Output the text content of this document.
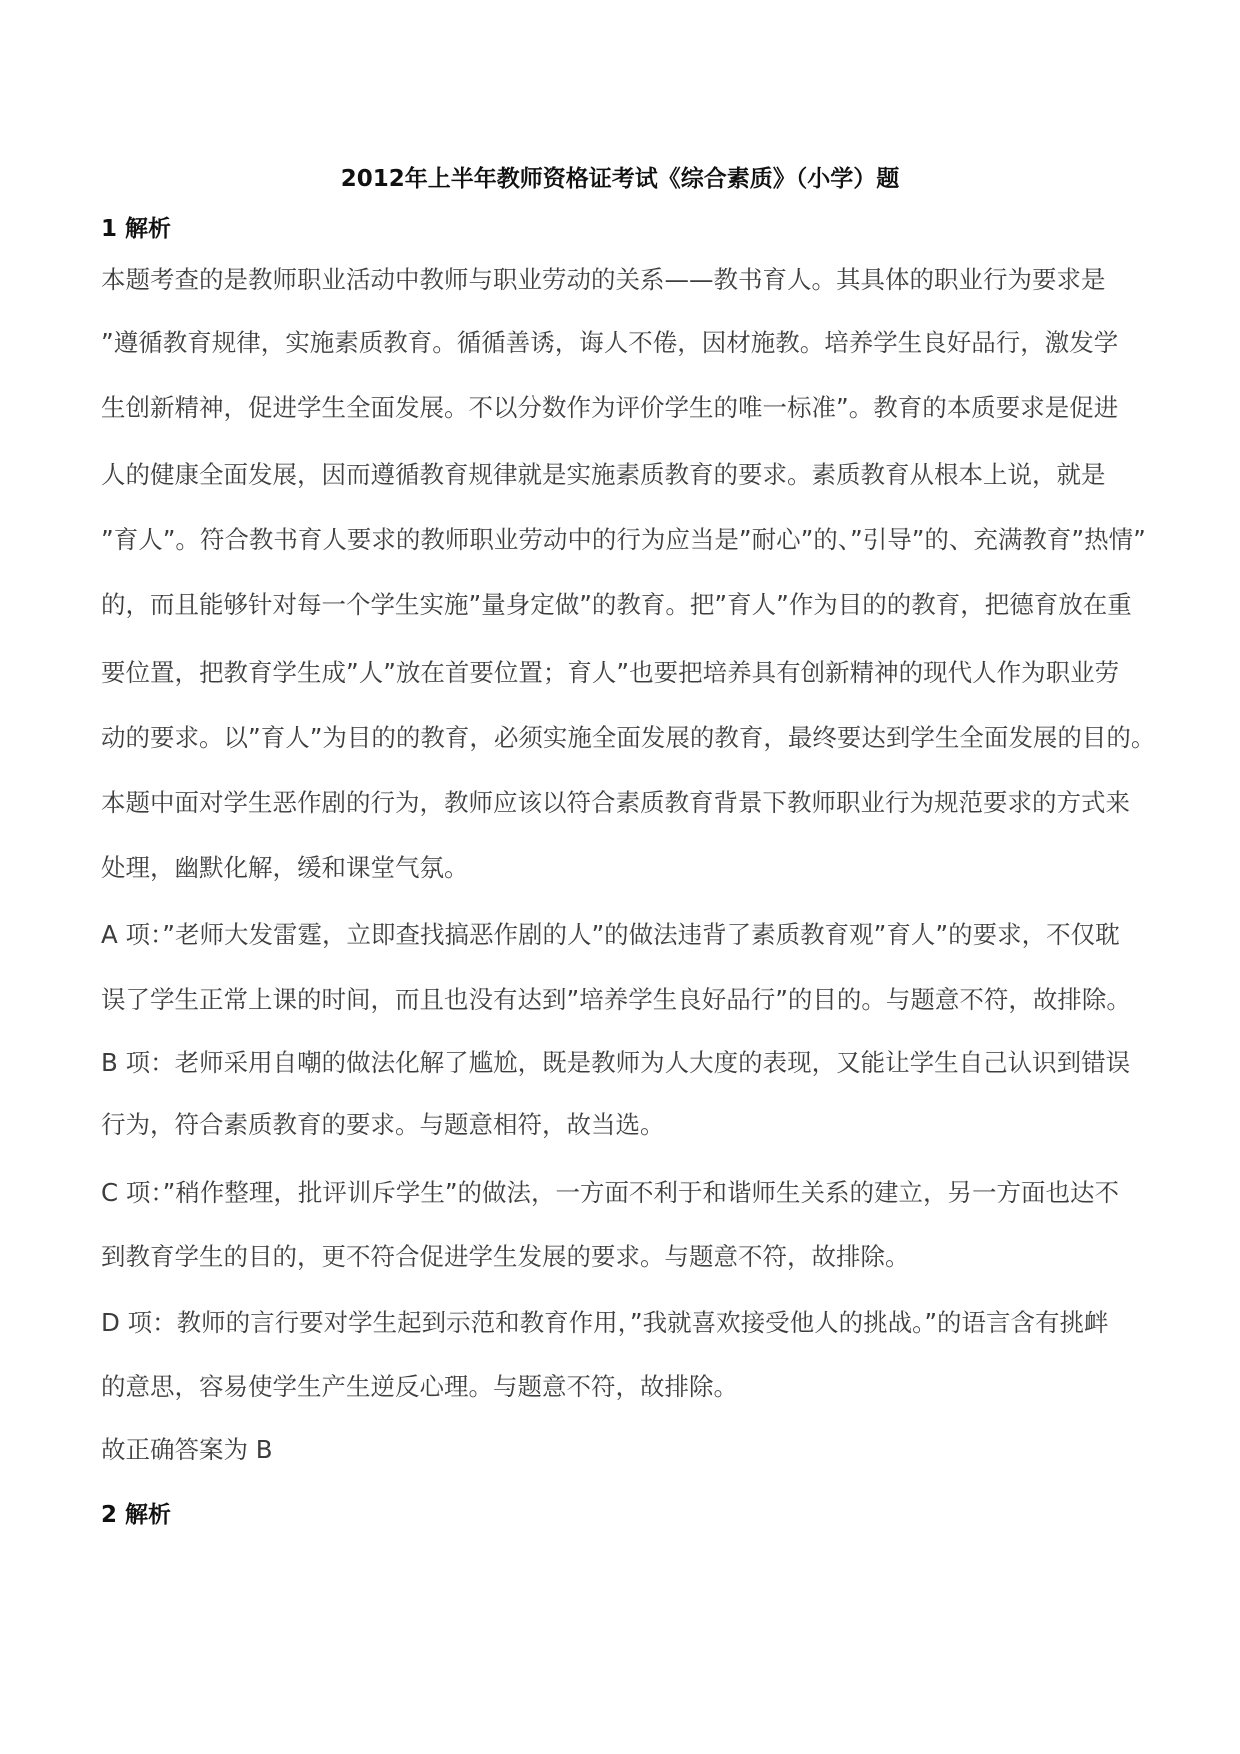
2012年上半年教师资格证考试《综合素质》（小学）题
1 解析
本题考查的是教师职业活动中教师与职业劳动的关系——教书育人。其具体的职业行为要求是
”遵循教育规律，实施素质教育。循循善诱，诲人不倦，因材施教。培养学生良好品行，激发学
生创新精神，促进学生全面发展。不以分数作为评价学生的唯一标准”。教育的本质要求是促进
人的健康全面发展，因而遵循教育规律就是实施素质教育的要求。素质教育从根本上说，就是
”育人”。符合教书育人要求的教师职业劳动中的行为应当是”耐心”的、”引导”的、充满教育”热情”
的，而且能够针对每一个学生实施”量身定做”的教育。把”育人”作为目的的教育，把德育放在重
要位置，把教育学生成”人”放在首要位置；育人”也要把培养具有创新精神的现代人作为职业劳
动的要求。以”育人”为目的的教育，必须实施全面发展的教育，最终要达到学生全面发展的目的。
本题中面对学生恶作剧的行为，教师应该以符合素质教育背景下教师职业行为规范要求的方式来
处理，幽默化解，缓和课堂气氛。
A 项：”老师大发雷霆，立即查找搞恶作剧的人”的做法违背了素质教育观”育人”的要求，不仅耽
误了学生正常上课的时间，而且也没有达到”培养学生良好品行”的目的。与题意不符，故排除。
B 项：老师采用自嘲的做法化解了尴尬，既是教师为人大度的表现，又能让学生自己认识到错误
行为，符合素质教育的要求。与题意相符，故当选。
C 项：”稍作整理，批评训斥学生”的做法，一方面不利于和谐师生关系的建立，另一方面也达不
到教育学生的目的，更不符合促进学生发展的要求。与题意不符，故排除。
D 项：教师的言行要对学生起到示范和教育作用，”我就喜欢接受他人的挑战。”的语言含有挑衅
的意思，容易使学生产生逆反心理。与题意不符，故排除。
故正确答案为 B
2 解析
